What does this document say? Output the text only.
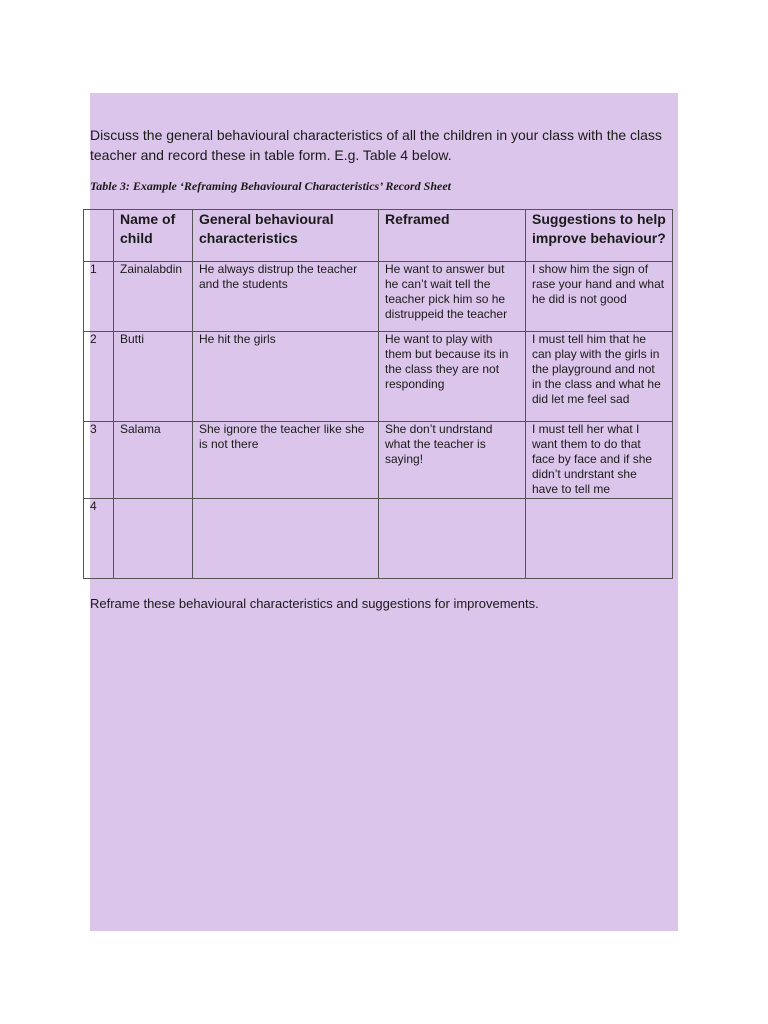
Discuss the general behavioural characteristics of all the children in your class with the class teacher and record these in table form. E.g. Table 4 below.

Table 3: Example ‘Reframing Behavioural Characteristics’ Record Sheet

	Name of child	General behavioural characteristics	Reframed	Suggestions to help improve behaviour?
1	Zainalabdin	He always distrup the teacher and the students	He want to answer but he can’t wait tell the teacher pick him so he distruppeid the teacher	I show him the sign of rase your hand and what he did is not good
2	Butti	He hit the girls	He want to play with them but because its in the class they are not responding	I must tell him that he can play with the girls in the playground and not in the class and what he did let me feel sad
3	Salama	She ignore the teacher like she is not there	She don’t undrstand what the teacher is saying!	I must tell her what I want them to do that face by face and if she didn’t undrstant she have to tell me
4				

Reframe these behavioural characteristics and suggestions for improvements.
